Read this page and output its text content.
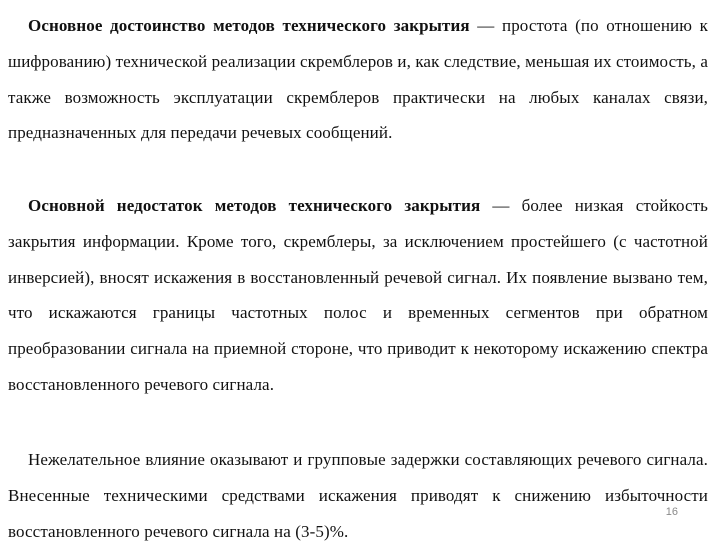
Основное достоинство методов технического закрытия — простота (по отношению к шифрованию) технической реализации скремблеров и, как следствие, меньшая их стоимость, а также возможность эксплуатации скремблеров практически на любых каналах связи, предназначенных для передачи речевых сообщений.

Основной недостаток методов технического закрытия — более низкая стойкость закрытия информации. Кроме того, скремблеры, за исключением простейшего (с частотной инверсией), вносят искажения в восстановленный речевой сигнал. Их появление вызвано тем, что искажаются границы частотных полос и временных сегментов при обратном преобразовании сигнала на приемной стороне, что приводит к некоторому искажению спектра восстановленного речевого сигнала.

Нежелательное влияние оказывают и групповые задержки составляющих речевого сигнала. Внесенные техническими средствами искажения приводят к снижению избыточности восстановленного речевого сигнала на (3-5)%.

16
